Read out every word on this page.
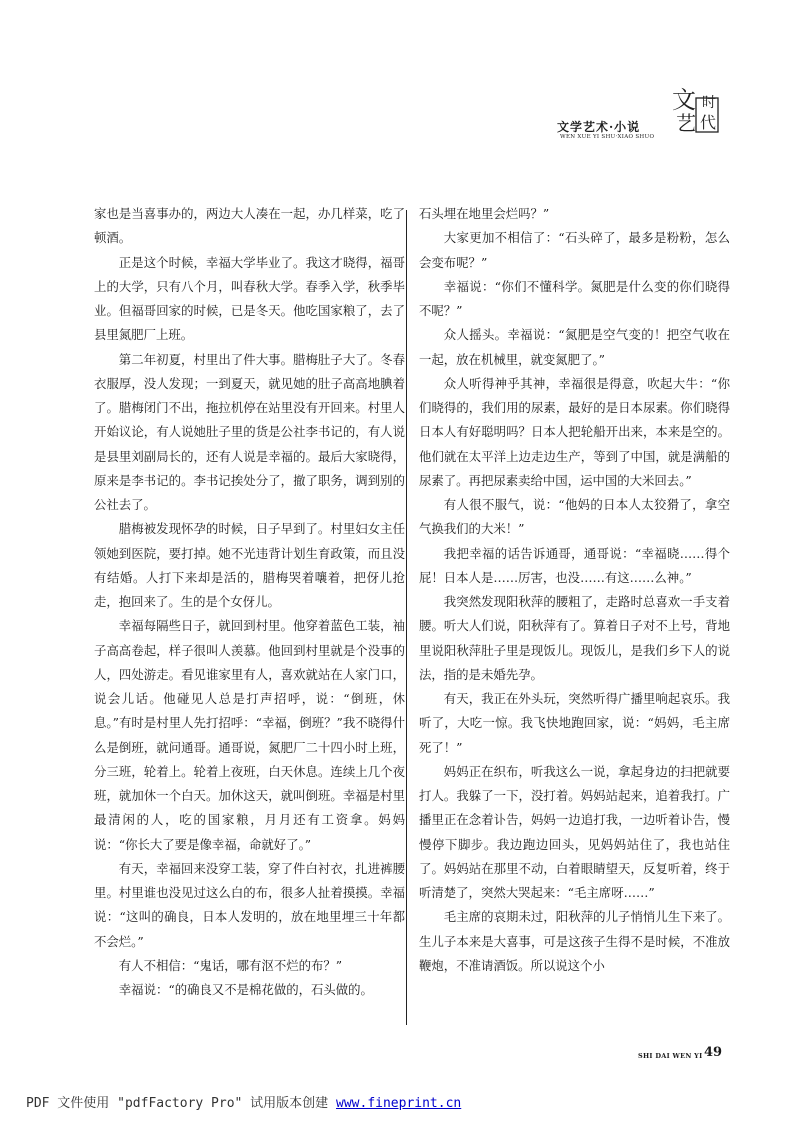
文学艺术·小说
WEN XUE YI SHU·XIAO SHUO
文 时
艺 代

家也是当喜事办的，两边大人凑在一起，办几样菜，吃了顿酒。

正是这个时候，幸福大学毕业了。我这才晓得，福哥上的大学，只有八个月，叫春秋大学。春季入学，秋季毕业。但福哥回家的时候，已是冬天。他吃国家粮了，去了县里氮肥厂上班。

第二年初夏，村里出了件大事。腊梅肚子大了。冬春衣服厚，没人发现；一到夏天，就见她的肚子高高地腆着了。腊梅闭门不出，拖拉机停在站里没有开回来。村里人开始议论，有人说她肚子里的货是公社李书记的，有人说是县里刘副局长的，还有人说是幸福的。最后大家晓得，原来是李书记的。李书记挨处分了，撤了职务，调到别的公社去了。

腊梅被发现怀孕的时候，日子早到了。村里妇女主任领她到医院，要打掉。她不光违背计划生育政策，而且没有结婚。人打下来却是活的，腊梅哭着嚷着，把伢儿抢走，抱回来了。生的是个女伢儿。

幸福每隔些日子，就回到村里。他穿着蓝色工装，袖子高高卷起，样子很叫人羡慕。他回到村里就是个没事的人，四处游走。看见谁家里有人，喜欢就站在人家门口，说会儿话。他碰见人总是打声招呼，说：“倒班，休息。”有时是村里人先打招呼：“幸福，倒班？”我不晓得什么是倒班，就问通哥。通哥说，氮肥厂二十四小时上班，分三班，轮着上。轮着上夜班，白天休息。连续上几个夜班，就加休一个白天。加休这天，就叫倒班。幸福是村里最清闲的人，吃的国家粮，月月还有工资拿。妈妈说：“你长大了要是像幸福，命就好了。”

有天，幸福回来没穿工装，穿了件白衬衣，扎进裤腰里。村里谁也没见过这么白的布，很多人扯着摸摸。幸福说：“这叫的确良，日本人发明的，放在地里埋三十年都不会烂。”

有人不相信：“鬼话，哪有沤不烂的布？”

幸福说：“的确良又不是棉花做的，石头做的。

石头埋在地里会烂吗？”

大家更加不相信了：“石头碎了，最多是粉粉，怎么会变布呢？”

幸福说：“你们不懂科学。氮肥是什么变的你们晓得不呢？”

众人摇头。幸福说：“氮肥是空气变的！把空气收在一起，放在机械里，就变氮肥了。”

众人听得神乎其神，幸福很是得意，吹起大牛：“你们晓得的，我们用的尿素，最好的是日本尿素。你们晓得日本人有好聪明吗？日本人把轮船开出来，本来是空的。他们就在太平洋上边走边生产，等到了中国，就是满船的尿素了。再把尿素卖给中国，运中国的大米回去。”

有人很不服气，说：“他妈的日本人太狡猾了，拿空气换我们的大米！”

我把幸福的话告诉通哥，通哥说：“幸福晓……得个屁！日本人是……厉害，也没……有这……么神。”

我突然发现阳秋萍的腰粗了，走路时总喜欢一手支着腰。听大人们说，阳秋萍有了。算着日子对不上号，背地里说阳秋萍肚子里是现饭儿。现饭儿，是我们乡下人的说法，指的是未婚先孕。

有天，我正在外头玩，突然听得广播里响起哀乐。我听了，大吃一惊。我飞快地跑回家，说：“妈妈，毛主席死了！”

妈妈正在织布，听我这么一说，拿起身边的扫把就要打人。我躲了一下，没打着。妈妈站起来，追着我打。广播里正在念着讣告，妈妈一边追打我，一边听着讣告，慢慢停下脚步。我边跑边回头，见妈妈站住了，我也站住了。妈妈站在那里不动，白着眼睛望天，反复听着，终于听清楚了，突然大哭起来：“毛主席呀……”

毛主席的哀期未过，阳秋萍的儿子悄悄儿生下来了。生儿子本来是大喜事，可是这孩子生得不是时候，不准放鞭炮，不准请酒饭。所以说这个小

SHI DAI WEN YI 49
PDF 文件使用 "pdfFactory Pro" 试用版本创建 www.fineprint.cn
